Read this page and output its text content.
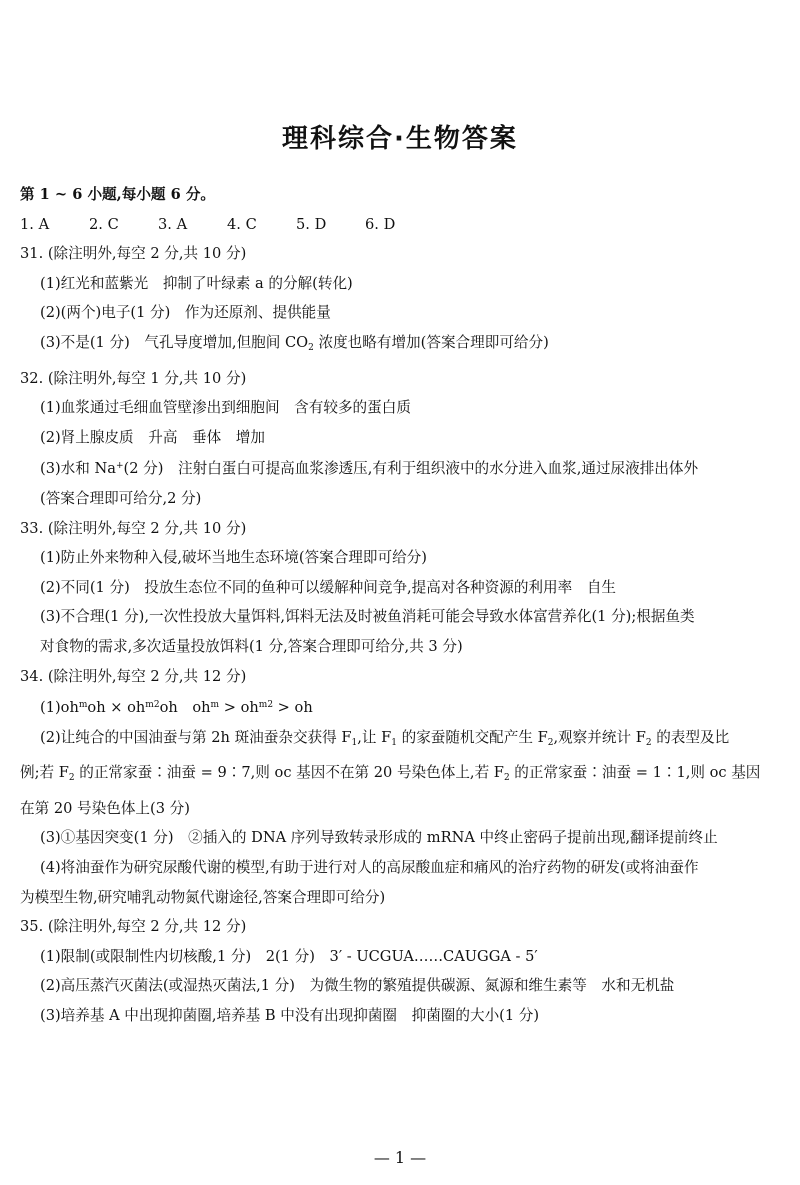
理科综合·生物答案
第 1 ~ 6 小题,每小题 6 分。
1. A	2. C	3. A	4. C	5. D	6. D
31. (除注明外,每空 2 分,共 10 分)
(1)红光和蓝紫光　抑制了叶绿素 a 的分解(转化)
(2)(两个)电子(1 分)　作为还原剂、提供能量
(3)不是(1 分)　气孔导度增加,但胞间 $CO_2$ 浓度也略有增加(答案合理即可给分)
32. (除注明外,每空 1 分,共 10 分)
(1)血浆通过毛细血管壁渗出到细胞间　含有较多的蛋白质
(2)肾上腺皮质　升高　垂体　增加
(3)水和 Na+(2 分)　注射白蛋白可提高血浆渗透压,有利于组织液中的水分进入血浆,通过尿液排出体外
(答案合理即可给分,2 分)
33. (除注明外,每空 2 分,共 10 分)
(1)防止外来物种入侵,破坏当地生态环境(答案合理即可给分)
(2)不同(1 分)　投放生态位不同的鱼种可以缓解种间竞争,提高对各种资源的利用率　自生
(3)不合理(1 分),一次性投放大量饵料,饵料无法及时被鱼消耗可能会导致水体富营养化(1 分);根据鱼类
对食物的需求,多次适量投放饵料(1 分,答案合理即可给分,共 3 分)
34. (除注明外,每空 2 分,共 12 分)
$(1)oh^moh \times oh^{m2}oh$　$oh^m > oh^{m2}$ > oh
(2)让纯合的中国油蚕与第 2h 斑油蚕杂交获得 $F_1$,让 $F_1$ 的家蚕随机交配产生 $F_2$,观察并统计 $F_2$ 的表型及比
例;若 $F_2$ 的正常家蚕∶油蚕 = 9∶7,则 oc 基因不在第 20 号染色体上,若 $F_2$ 的正常家蚕∶油蚕 = 1∶1,则 oc 基因
在第 20 号染色体上(3 分)
(3)①基因突变(1 分)　②插入的 DNA 序列导致转录形成的 mRNA 中终止密码子提前出现,翻译提前终止
(4)将油蚕作为研究尿酸代谢的模型,有助于进行对人的高尿酸血症和痛风的治疗药物的研发(或将油蚕作
为模型生物,研究哺乳动物氮代谢途径,答案合理即可给分)
35. (除注明外,每空 2 分,共 12 分)
(1)限制(或限制性内切核酸,1 分)　2(1 分)　3′ - UCGUA……CAUGGA - 5′
(2)高压蒸汽灭菌法(或湿热灭菌法,1 分)　为微生物的繁殖提供碳源、氮源和维生素等　水和无机盐
(3)培养基 A 中出现抑菌圈,培养基 B 中没有出现抑菌圈　抑菌圈的大小(1 分)
— 1 —
